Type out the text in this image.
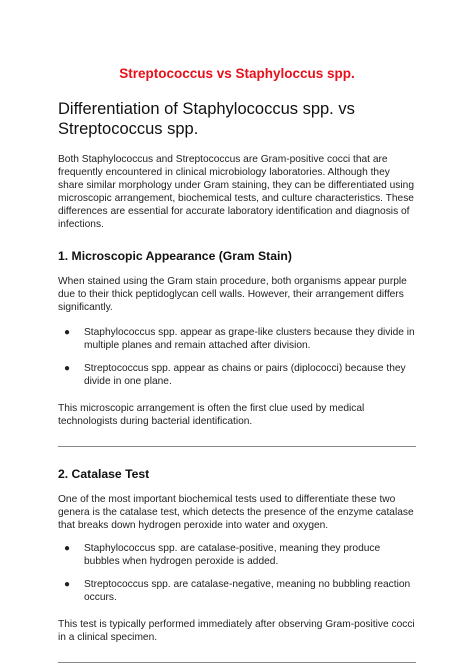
Streptococcus vs Staphyloccus spp.
Differentiation of Staphylococcus spp. vs Streptococcus spp.

Both Staphylococcus and Streptococcus are Gram-positive cocci that are frequently encountered in clinical microbiology laboratories. Although they share similar morphology under Gram staining, they can be differentiated using microscopic arrangement, biochemical tests, and culture characteristics. These differences are essential for accurate laboratory identification and diagnosis of infections.

1. Microscopic Appearance (Gram Stain)

When stained using the Gram stain procedure, both organisms appear purple due to their thick peptidoglycan cell walls. However, their arrangement differs significantly.

● Staphylococcus spp. appear as grape-like clusters because they divide in multiple planes and remain attached after division.
● Streptococcus spp. appear as chains or pairs (diplococci) because they divide in one plane.

This microscopic arrangement is often the first clue used by medical technologists during bacterial identification.

2. Catalase Test

One of the most important biochemical tests used to differentiate these two genera is the catalase test, which detects the presence of the enzyme catalase that breaks down hydrogen peroxide into water and oxygen.

● Staphylococcus spp. are catalase-positive, meaning they produce bubbles when hydrogen peroxide is added.
● Streptococcus spp. are catalase-negative, meaning no bubbling reaction occurs.

This test is typically performed immediately after observing Gram-positive cocci in a clinical specimen.
